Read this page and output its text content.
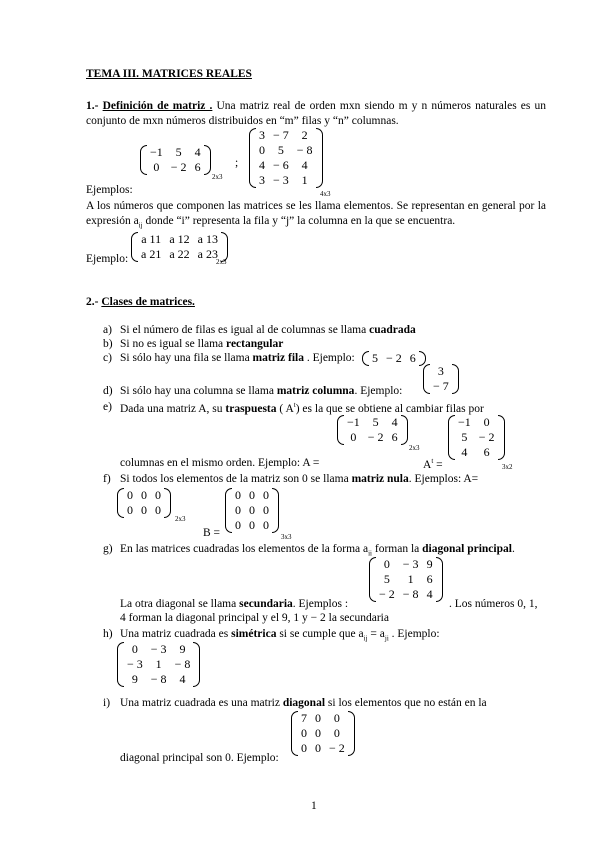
TEMA III. MATRICES REALES
1.- Definición de matriz . Una matriz real de orden mxn siendo m y n números naturales es un conjunto de mxn números distribuidos en “m” filas y “n” columnas.
−1	5	4
0	− 2	6
2x3
;
3	− 7	2
0	5	− 8
4	− 6	4
3	− 3	1
4x3
Ejemplos:
A los números que componen las matrices se les llama elementos. Se representan en general por la expresión $a_{ij}$ donde “i” representa la fila y “j” la columna en la que se encuentra.
Ejemplo:
a 11	a 12	a 13
a 21	a 22	a 23
2x3
2.- Clases de matrices.
a) Si el número de filas es igual al de columnas se llama cuadrada
b) Si no es igual se llama rectangular
c) Si sólo hay una fila se llama matriz fila . Ejemplo: 5	− 2	6
d) Si sólo hay una columna se llama matriz columna. Ejemplo:
3
− 7
e) Dada una matriz A, su traspuesta ( $A^t$) es la que se obtiene al cambiar filas por
−1	5	4
0	− 2	6
2x3
columnas en el mismo orden. Ejemplo: A =	$A^t$ =
−1	0
5	− 2
4	6
3x2
f) Si todos los elementos de la matriz son 0 se llama matriz nula. Ejemplos: A=
0	0	0
0	0	0
2x3
B =
0	0	0
0	0	0
0	0	0
3x3
g) En las matrices cuadradas los elementos de la forma $a_{ii}$ forman la diagonal principal.
0	− 3	9
5	1	6
− 2	− 8	4
La otra diagonal se llama secundaria. Ejemplos :	. Los números 0, 1,
4 forman la diagonal principal y el 9, 1 y − 2 la secundaria
h) Una matriz cuadrada es simétrica si se cumple que $a_{ij} = a_{ji}$ . Ejemplo:
0	− 3	9
− 3	1	− 8
9	− 8	4
i) Una matriz cuadrada es una matriz diagonal si los elementos que no están en la
diagonal principal son 0. Ejemplo:
7	0	0
0	0	0
0	0	− 2
1
